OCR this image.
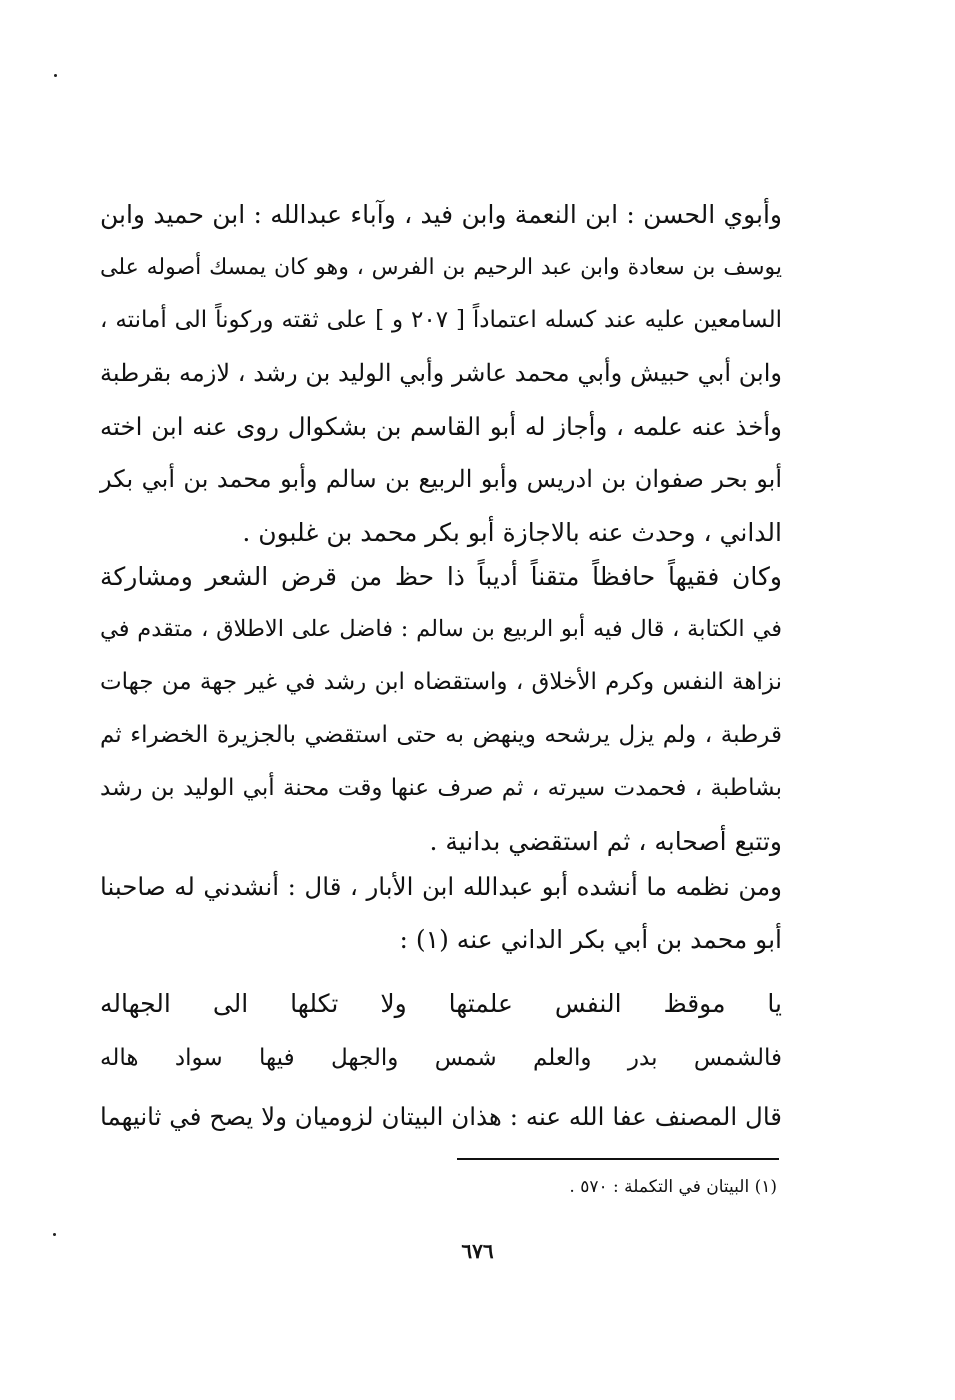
وأبوي الحسن : ابن النعمة وابن فيد ، وآباء عبدالله : ابن حميد وابن
يوسف بن سعادة وابن عبد الرحيم بن الفرس ، وهو كان يمسك أصوله على
السامعين عليه عند كسله اعتماداً [ ٢٠٧ و ] على ثقته وركوناً الى أمانته ،
وابن أبي حبيش وأبي محمد عاشر وأبي الوليد بن رشد ، لازمه بقرطبة
وأخذ عنه علمه ، وأجاز له أبو القاسم بن بشكوال روى عنه ابن اخته
أبو بحر صفوان بن ادريس وأبو الربيع بن سالم وأبو محمد بن أبي بكر
الداني ، وحدث عنه بالاجازة أبو بكر محمد بن غلبون .
وكان فقيهاً حافظاً متقناً أديباً ذا حظ من قرض الشعر ومشاركة
في الكتابة ، قال فيه أبو الربيع بن سالم : فاضل على الاطلاق ، متقدم في
نزاهة النفس وكرم الأخلاق ، واستقضاه ابن رشد في غير جهة من جهات
قرطبة ، ولم يزل يرشحه وينهض به حتى استقضي بالجزيرة الخضراء ثم
بشاطبة ، فحمدت سيرته ، ثم صرف عنها وقت محنة أبي الوليد بن رشد
وتتبع أصحابه ، ثم استقضي بدانية .
ومن نظمه ما أنشده أبو عبدالله ابن الأبار ، قال : أنشدني له صاحبنا
أبو محمد بن أبي بكر الداني عنه (١) :
يا موقظ النفس علمتها ولا تكلها الى الجهاله
فالشمس بدر والعلم شمس والجهل فيها سواد هاله
قال المصنف عفا الله عنه : هذان البيتان لزوميان ولا يصح في ثانيهما
(١) البيتان في التكملة : ٥٧٠ .
٦٧٦
